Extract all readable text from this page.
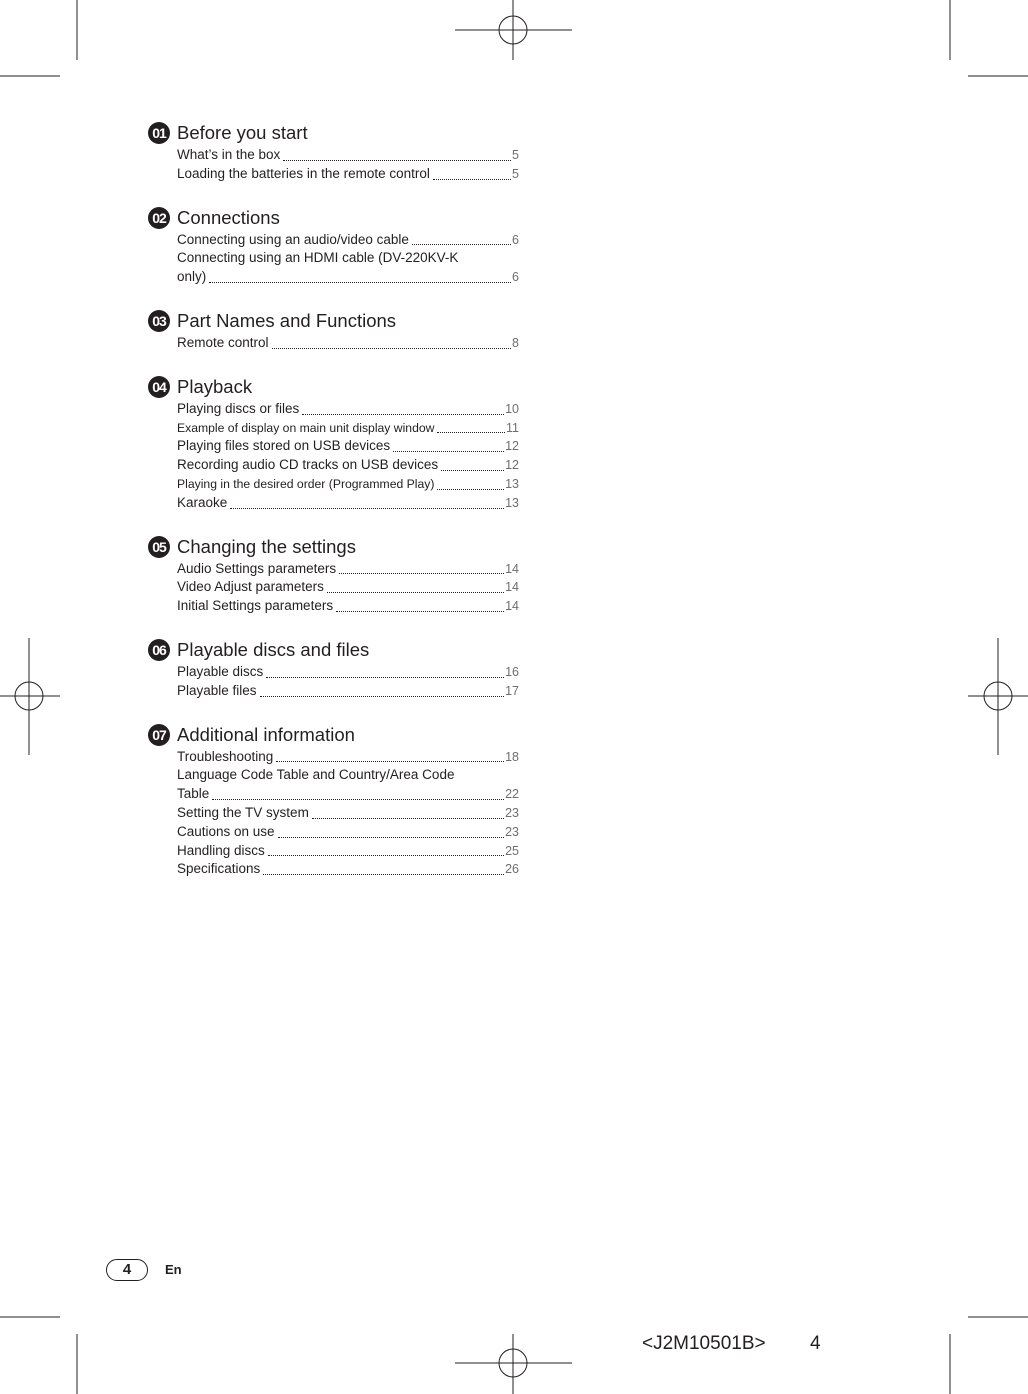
01 Before you start
What’s in the box	5
Loading the batteries in the remote control	5
02 Connections
Connecting using an audio/video cable	6
Connecting using an HDMI cable (DV-220KV-K
only)	6
03 Part Names and Functions
Remote control	8
04 Playback
Playing discs or files	10
Example of display on main unit display window	11
Playing files stored on USB devices	12
Recording audio CD tracks on USB devices	12
Playing in the desired order (Programmed Play)	13
Karaoke	13
05 Changing the settings
Audio Settings parameters	14
Video Adjust parameters	14
Initial Settings parameters	14
06 Playable discs and files
Playable discs	16
Playable files	17
07 Additional information
Troubleshooting	18
Language Code Table and Country/Area Code
Table	22
Setting the TV system	23
Cautions on use	23
Handling discs	25
Specifications	26
4	En
<J2M10501B> 4
